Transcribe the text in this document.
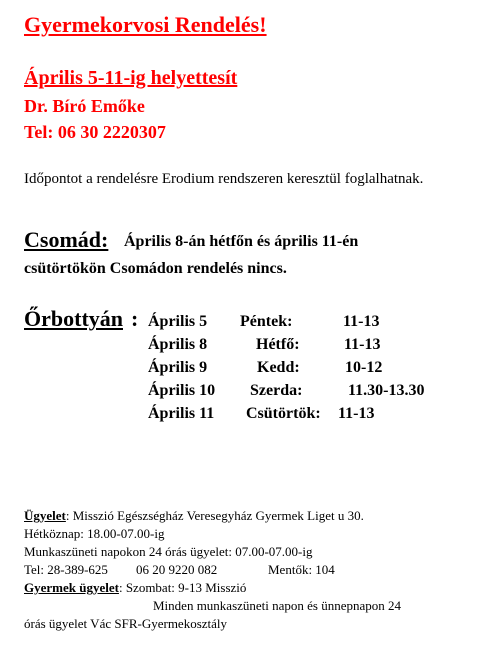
Gyermekorvosi Rendelés!
Április 5-11-ig helyettesít
Dr. Bíró Emőke
Tel: 06 30 2220307
Időpontot a rendelésre Erodium rendszeren keresztül foglalhatnak.
Csomád: Április 8-án hétfőn és április 11-én
csütörtökön Csomádon rendelés nincs.
Őrbottyán : Április 5 Péntek:	11-13
Április 8	Hétfő:	11-13
Április 9	Kedd:	10-12
Április 10 Szerda:	11.30-13.30
Április 11 Csütörtök: 11-13
Ügyelet: Misszió Egészségház Veresegyház Gyermek Liget u 30.
Hétköznap: 18.00-07.00-ig
Munkaszüneti napokon 24 órás ügyelet: 07.00-07.00-ig
Tel: 28-389-625 06 20 9220 082	Mentők: 104
Gyermek ügyelet: Szombat: 9-13 Misszió
Minden munkaszüneti napon és ünnepnapon 24
órás ügyelet Vác SFR-Gyermekosztály
